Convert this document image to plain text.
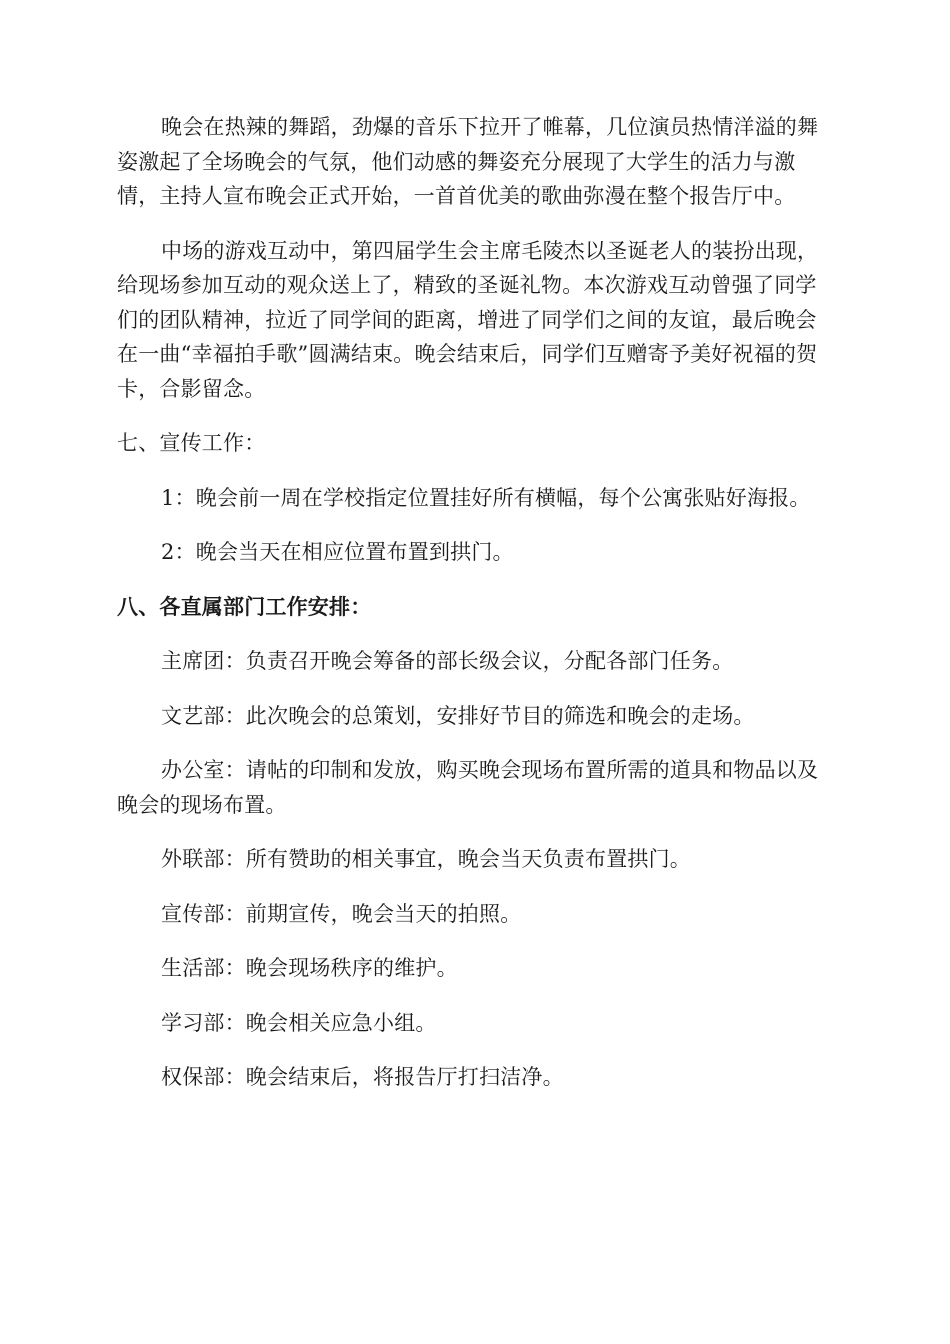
晚会在热辣的舞蹈，劲爆的音乐下拉开了帷幕，几位演员热情洋溢的舞姿激起了全场晚会的气氛，他们动感的舞姿充分展现了大学生的活力与激情，主持人宣布晚会正式开始，一首首优美的歌曲弥漫在整个报告厅中。

中场的游戏互动中，第四届学生会主席毛陵杰以圣诞老人的装扮出现，给现场参加互动的观众送上了，精致的圣诞礼物。本次游戏互动曾强了同学们的团队精神，拉近了同学间的距离，增进了同学们之间的友谊，最后晚会在一曲“幸福拍手歌”圆满结束。晚会结束后，同学们互赠寄予美好祝福的贺卡，合影留念。

七、宣传工作：

1：晚会前一周在学校指定位置挂好所有横幅，每个公寓张贴好海报。

2：晚会当天在相应位置布置到拱门。

八、各直属部门工作安排：

主席团：负责召开晚会筹备的部长级会议，分配各部门任务。

文艺部：此次晚会的总策划，安排好节目的筛选和晚会的走场。

办公室：请帖的印制和发放，购买晚会现场布置所需的道具和物品以及晚会的现场布置。

外联部：所有赞助的相关事宜，晚会当天负责布置拱门。

宣传部：前期宣传，晚会当天的拍照。

生活部：晚会现场秩序的维护。

学习部：晚会相关应急小组。

权保部：晚会结束后，将报告厅打扫洁净。
